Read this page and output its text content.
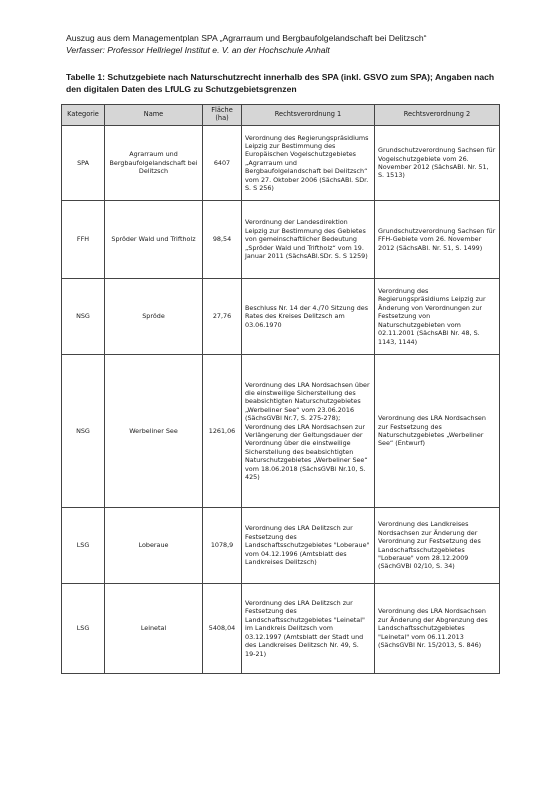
Auszug aus dem Managementplan SPA „Agrarraum und Bergbaufolgelandschaft bei Delitzsch“
Verfasser: Professor Hellriegel Institut e. V. an der Hochschule Anhalt
Tabelle 1: Schutzgebiete nach Naturschutzrecht innerhalb des SPA (inkl. GSVO zum SPA); Angaben nach den digitalen Daten des LfULG zu Schutzgebietsgrenzen
Kategorie	Name	Fläche (ha)	Rechtsverordnung 1	Rechtsverordnung 2
SPA	Agrarraum und Bergbaufolgelandschaft bei Delitzsch	6407	Verordnung des Regierungspräsidiums Leipzig zur Bestimmung des Europäischen Vogelschutzgebietes „Agrarraum und Bergbaufolgelandschaft bei Delitzsch“ vom 27. Oktober 2006 (SächsABl. SDr. S. S 256)	Grundschutzverordnung Sachsen für Vogelschutzgebiete vom 26. November 2012 (SächsABl. Nr. 51, S. 1513)
FFH	Spröder Wald und Triftholz	98,54	Verordnung der Landesdirektion Leipzig zur Bestimmung des Gebietes von gemeinschaftlicher Bedeutung „Spröder Wald und Triftholz“ vom 19. Januar 2011 (SächsABl.SDr. S. S 1259)	Grundschutzverordnung Sachsen für FFH-Gebiete vom 26. November 2012 (SächsABl. Nr. 51, S. 1499)
NSG	Spröde	27,76	Beschluss Nr. 14 der 4./70 Sitzung des Rates des Kreises Delitzsch am 03.06.1970	Verordnung des Regierungspräsidiums Leipzig zur Änderung von Verordnungen zur Festsetzung von Naturschutzgebieten vom 02.11.2001 (SächsABl Nr. 48, S. 1143, 1144)
NSG	Werbeliner See	1261,06	Verordnung des LRA Nordsachsen über die einstweilige Sicherstellung des beabsichtigten Naturschutzgebietes „Werbeliner See“ vom 23.06.2016 (SächsGVBl Nr.7, S. 275-278); Verordnung des LRA Nordsachsen zur Verlängerung der Geltungsdauer der Verordnung über die einstweilige Sicherstellung des beabsichtigten Naturschutzgebietes „Werbeliner See“ vom 18.06.2018 (SächsGVBl Nr.10, S. 425)	Verordnung des LRA Nordsachsen zur Festsetzung des Naturschutzgebietes „Werbeliner See“ (Entwurf)
LSG	Loberaue	1078,9	Verordnung des LRA Delitzsch zur Festsetzung des Landschaftsschutzgebietes "Loberaue" vom 04.12.1996 (Amtsblatt des Landkreises Delitzsch)	Verordnung des Landkreises Nordsachsen zur Änderung der Verordnung zur Festsetzung des Landschaftsschutzgebietes "Loberaue" vom 28.12.2009 (SächGVBl 02/10, S. 34)
LSG	Leinetal	5408,04	Verordnung des LRA Delitzsch zur Festsetzung des Landschaftsschutzgebietes "Leinetal" im Landkreis Delitzsch vom 03.12.1997 (Amtsblatt der Stadt und des Landkreises Delitzsch Nr. 49, S. 19-21)	Verordnung des LRA Nordsachsen zur Änderung der Abgrenzung des Landschaftsschutzgebietes "Leinetal" vom 06.11.2013 (SächsGVBl Nr. 15/2013, S. 846)
